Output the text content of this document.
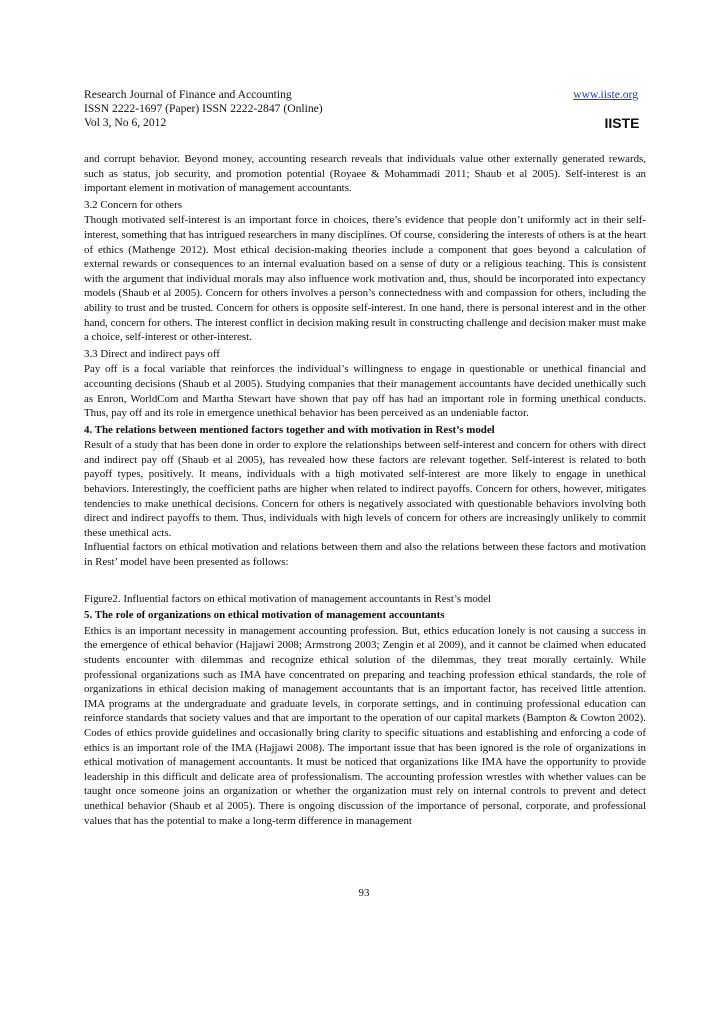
Research Journal of Finance and Accounting
ISSN 2222-1697 (Paper) ISSN 2222-2847 (Online)
Vol 3, No 6, 2012
www.iiste.org
IISTE

and corrupt behavior. Beyond money, accounting research reveals that individuals value other externally generated rewards, such as status, job security, and promotion potential (Royaee & Mohammadi 2011; Shaub et al 2005). Self-interest is an important element in motivation of management accountants.

3.2 Concern for others

Though motivated self-interest is an important force in choices, there’s evidence that people don’t uniformly act in their self-interest, something that has intrigued researchers in many disciplines. Of course, considering the interests of others is at the heart of ethics (Mathenge 2012). Most ethical decision-making theories include a component that goes beyond a calculation of external rewards or consequences to an internal evaluation based on a sense of duty or a religious teaching. This is consistent with the argument that individual morals may also influence work motivation and, thus, should be incorporated into expectancy models (Shaub et al 2005). Concern for others involves a person’s connectedness with and compassion for others, including the ability to trust and be trusted. Concern for others is opposite self-interest. In one hand, there is personal interest and in the other hand, concern for others. The interest conflict in decision making result in constructing challenge and decision maker must make a choice, self-interest or other-interest.

3.3 Direct and indirect pays off

Pay off is a focal variable that reinforces the individual’s willingness to engage in questionable or unethical financial and accounting decisions (Shaub et al 2005). Studying companies that their management accountants have decided unethically such as Enron, WorldCom and Martha Stewart have shown that pay off has had an important role in forming unethical conducts. Thus, pay off and its role in emergence unethical behavior has been perceived as an undeniable factor.

4. The relations between mentioned factors together and with motivation in Rest’s model

Result of a study that has been done in order to explore the relationships between self-interest and concern for others with direct and indirect pay off (Shaub et al 2005), has revealed how these factors are relevant together. Self-interest is related to both payoff types, positively. It means, individuals with a high motivated self-interest are more likely to engage in unethical behaviors. Interestingly, the coefficient paths are higher when related to indirect payoffs. Concern for others, however, mitigates tendencies to make unethical decisions. Concern for others is negatively associated with questionable behaviors involving both direct and indirect payoffs to them. Thus, individuals with high levels of concern for others are increasingly unlikely to commit these unethical acts.

Influential factors on ethical motivation and relations between them and also the relations between these factors and motivation in Rest’ model have been presented as follows:

Figure2. Influential factors on ethical motivation of management accountants in Rest’s model

5. The role of organizations on ethical motivation of management accountants

Ethics is an important necessity in management accounting profession. But, ethics education lonely is not causing a success in the emergence of ethical behavior (Hajjawi 2008; Armstrong 2003; Zengin et al 2009), and it cannot be claimed when educated students encounter with dilemmas and recognize ethical solution of the dilemmas, they treat morally certainly. While professional organizations such as IMA have concentrated on preparing and teaching profession ethical standards, the role of organizations in ethical decision making of management accountants that is an important factor, has received little attention. IMA programs at the undergraduate and graduate levels, in corporate settings, and in continuing professional education can reinforce standards that society values and that are important to the operation of our capital markets (Bampton & Cowton 2002). Codes of ethics provide guidelines and occasionally bring clarity to specific situations and establishing and enforcing a code of ethics is an important role of the IMA (Hajjawi 2008). The important issue that has been ignored is the role of organizations in ethical motivation of management accountants. It must be noticed that organizations like IMA have the opportunity to provide leadership in this difficult and delicate area of professionalism. The accounting profession wrestles with whether values can be taught once someone joins an organization or whether the organization must rely on internal controls to prevent and detect unethical behavior (Shaub et al 2005). There is ongoing discussion of the importance of personal, corporate, and professional values that has the potential to make a long-term difference in management

93
